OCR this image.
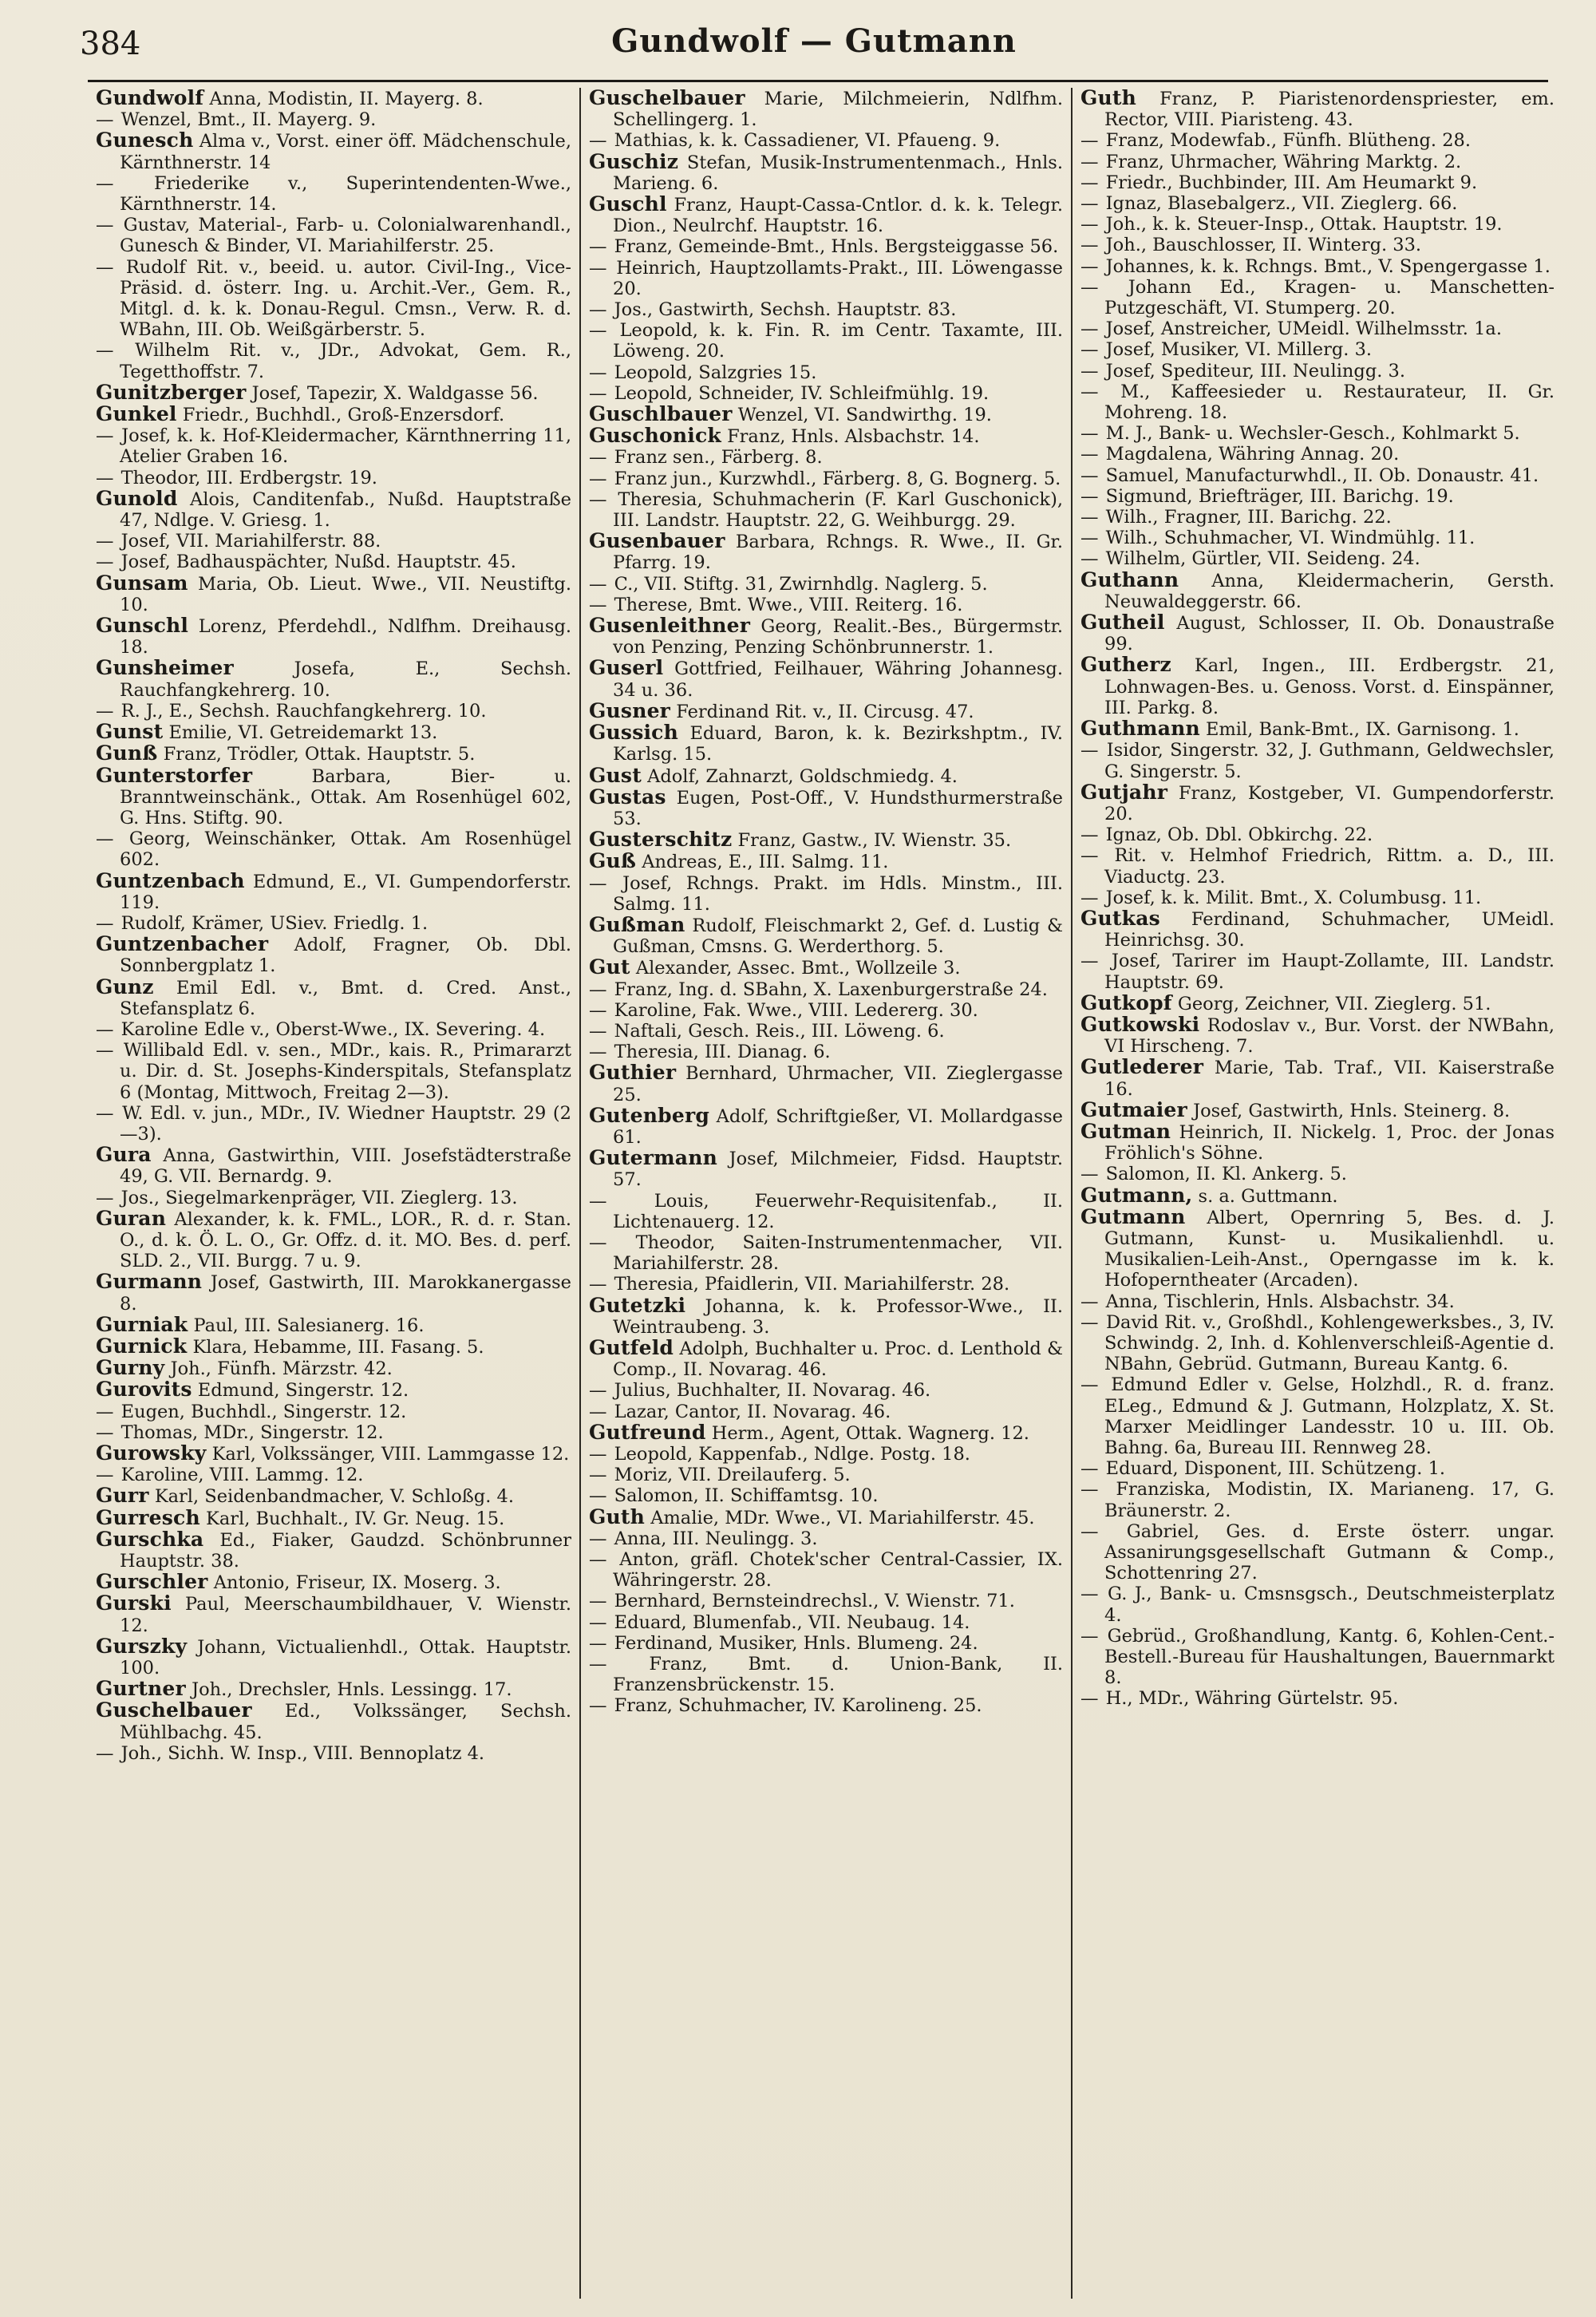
384	Gundwolf — Gutmann
Gundwolf Anna, Modistin, II. Mayerg. 8.
— Wenzel, Bmt., II. Mayerg. 9.
Gunesch Alma v., Vorst. einer öff. Mädchenschule, Kärnthnerstr. 14
— Friederike v., Superintendenten-Wwe., Kärnthnerstr. 14.
— Gustav, Material-, Farb- u. Colonialwarenhandl., Gunesch & Binder, VI. Mariahilferstr. 25.
— Rudolf Rit. v., beeid. u. autor. Civil-Ing., Vice-Präsid. d. österr. Ing. u. Archit.-Ver., Gem. R., Mitgl. d. k. k. Donau-Regul. Cmsn., Verw. R. d. WBahn, III. Ob. Weißgärberstr. 5.
— Wilhelm Rit. v., JDr., Advokat, Gem. R., Tegetthoffstr. 7.
Gunitzberger Josef, Tapezir, X. Waldgasse 56.
Gunkel Friedr., Buchhdl., Groß-Enzersdorf.
— Josef, k. k. Hof-Kleidermacher, Kärnthnerring 11, Atelier Graben 16.
— Theodor, III. Erdbergstr. 19.
Gunold Alois, Canditenfab., Nußd. Hauptstraße 47, Ndlge. V. Griesg. 1.
— Josef, VII. Mariahilferstr. 88.
— Josef, Badhauspächter, Nußd. Hauptstr. 45.
Gunsam Maria, Ob. Lieut. Wwe., VII. Neustiftg. 10.
Gunschl Lorenz, Pferdehdl., Ndlfhm. Dreihausg. 18.
Gunsheimer	Josefa, E., Sechsh. Rauchfangkehrerg. 10.
— R. J., E., Sechsh. Rauchfangkehrerg. 10.
Gunst Emilie, VI. Getreidemarkt 13.
Gunß Franz, Trödler, Ottak. Hauptstr. 5.
Gunterstorfer	Barbara, Bier- u. Branntweinschänk., Ottak. Am Rosenhügel 602, G. Hns. Stiftg. 90.
— Georg, Weinschänker, Ottak. Am Rosenhügel 602.
Guntzenbach Edmund, E., VI. Gumpendorferstr. 119.
— Rudolf, Krämer, USiev. Friedlg. 1.
Guntzenbacher Adolf, Fragner, Ob. Dbl. Sonnbergplatz 1.
Gunz Emil Edl. v., Bmt. d. Cred. Anst., Stefansplatz 6.
— Karoline Edle v., Oberst-Wwe., IX. Severing. 4.
— Willibald Edl. v. sen., MDr., kais. R., Primararzt u. Dir. d. St. Josephs-Kinderspitals, Stefansplatz 6 (Montag, Mittwoch, Freitag 2—3).
— W. Edl. v. jun., MDr., IV. Wiedner Hauptstr. 29 (2—3).
Gura Anna, Gastwirthin, VIII. Josefstädterstraße 49, G. VII. Bernardg. 9.
— Jos., Siegelmarkenpräger, VII. Zieglerg. 13.
Guran Alexander, k. k. FML., LOR., R. d. r. Stan. O., d. k. Ö. L. O., Gr. Offz. d. it. MO. Bes. d. perf. SLD. 2., VII. Burgg. 7 u. 9.
Gurmann Josef, Gastwirth, III. Marokkanergasse 8.
Gurniak Paul, III. Salesianerg. 16.
Gurnick Klara, Hebamme, III. Fasang. 5.
Gurny Joh., Fünfh. Märzstr. 42.
Gurovits Edmund, Singerstr. 12.
— Eugen, Buchhdl., Singerstr. 12.
— Thomas, MDr., Singerstr. 12.
Gurowsky Karl, Volkssänger, VIII. Lammgasse 12.
— Karoline, VIII. Lammg. 12.
Gurr Karl, Seidenbandmacher, V. Schloßg. 4.
Gurresch Karl, Buchhalt., IV. Gr. Neug. 15.
Gurschka Ed., Fiaker, Gaudzd. Schönbrunner Hauptstr. 38.
Gurschler Antonio, Friseur, IX. Moserg. 3.
Gurski Paul, Meerschaumbildhauer, V. Wienstr. 12.
Gurszky Johann, Victualienhdl., Ottak. Hauptstr. 100.
Gurtner Joh., Drechsler, Hnls. Lessingg. 17.
Guschelbauer Ed., Volkssänger, Sechsh. Mühlbachg. 45.
— Joh., Sichh. W. Insp., VIII. Bennoplatz 4.
Guschelbauer Marie, Milchmeierin, Ndlfhm. Schellingerg. 1.
— Mathias, k. k. Cassadiener, VI. Pfaueng. 9.
Guschiz Stefan, Musik-Instrumentenmach., Hnls. Marieng. 6.
Guschl Franz, Haupt-Cassa-Cntlor. d. k. k. Telegr. Dion., Neulrchf. Hauptstr. 16.
— Franz, Gemeinde-Bmt., Hnls. Bergsteiggasse 56.
— Heinrich, Hauptzollamts-Prakt., III. Löwengasse 20.
— Jos., Gastwirth, Sechsh. Hauptstr. 83.
— Leopold, k. k. Fin. R. im Centr. Taxamte, III. Löweng. 20.
— Leopold, Salzgries 15.
— Leopold, Schneider, IV. Schleifmühlg. 19.
Guschlbauer Wenzel, VI. Sandwirthg. 19.
Guschonick Franz, Hnls. Alsbachstr. 14.
— Franz sen., Färberg. 8.
— Franz jun., Kurzwhdl., Färberg. 8, G. Bognerg. 5.
— Theresia, Schuhmacherin (F. Karl Guschonick), III. Landstr. Hauptstr. 22, G. Weihburgg. 29.
Gusenbauer Barbara, Rchngs. R. Wwe., II. Gr. Pfarrg. 19.
— C., VII. Stiftg. 31, Zwirnhdlg. Naglerg. 5.
— Therese, Bmt. Wwe., VIII. Reiterg. 16.
Gusenleithner Georg, Realit.-Bes., Bürgermstr. von Penzing, Penzing Schönbrunnerstr. 1.
Guserl Gottfried, Feilhauer, Währing Johannesg. 34 u. 36.
Gusner Ferdinand Rit. v., II. Circusg. 47.
Gussich Eduard, Baron, k. k. Bezirkshptm., IV. Karlsg. 15.
Gust Adolf, Zahnarzt, Goldschmiedg. 4.
Gustas Eugen, Post-Off., V. Hundsthurmerstraße 53.
Gusterschitz Franz, Gastw., IV. Wienstr. 35.
Guß Andreas, E., III. Salmg. 11.
— Josef, Rchngs. Prakt. im Hdls. Minstm., III. Salmg. 11.
Gußman Rudolf, Fleischmarkt 2, Gef. d. Lustig & Gußman, Cmsns. G. Werderthorg. 5.
Gut Alexander, Assec. Bmt., Wollzeile 3.
— Franz, Ing. d. SBahn, X. Laxenburgerstraße 24.
— Karoline, Fak. Wwe., VIII. Ledererg. 30.
— Naftali, Gesch. Reis., III. Löweng. 6.
— Theresia, III. Dianag. 6.
Guthier Bernhard, Uhrmacher, VII. Zieglergasse 25.
Gutenberg Adolf, Schriftgießer, VI. Mollardgasse 61.
Gutermann Josef, Milchmeier, Fidsd. Hauptstr. 57.
— Louis, Feuerwehr-Requisitenfab., II. Lichtenauerg. 12.
— Theodor, Saiten-Instrumentenmacher, VII. Mariahilferstr. 28.
— Theresia, Pfaidlerin, VII. Mariahilferstr. 28.
Gutetzki Johanna, k. k. Professor-Wwe., II. Weintraubeng. 3.
Gutfeld Adolph, Buchhalter u. Proc. d. Lenthold & Comp., II. Novarag. 46.
— Julius, Buchhalter, II. Novarag. 46.
— Lazar, Cantor, II. Novarag. 46.
Gutfreund Herm., Agent, Ottak. Wagnerg. 12.
— Leopold, Kappenfab., Ndlge. Postg. 18.
— Moriz, VII. Dreilauferg. 5.
— Salomon, II. Schiffamtsg. 10.
Guth Amalie, MDr. Wwe., VI. Mariahilferstr. 45.
— Anna, III. Neulingg. 3.
— Anton, gräfl. Chotek'scher Central-Cassier, IX. Währingerstr. 28.
— Bernhard, Bernsteindrechsl., V. Wienstr. 71.
— Eduard, Blumenfab., VII. Neubaug. 14.
— Ferdinand, Musiker, Hnls. Blumeng. 24.
— Franz, Bmt. d. Union-Bank, II. Franzensbrückenstr. 15.
— Franz, Schuhmacher, IV. Karolineng. 25.
Guth Franz, P. Piaristenordenspriester, em. Rector, VIII. Piaristeng. 43.
— Franz, Modewfab., Fünfh. Blütheng. 28.
— Franz, Uhrmacher, Währing Marktg. 2.
— Friedr., Buchbinder, III. Am Heumarkt 9.
— Ignaz, Blasebalgerz., VII. Zieglerg. 66.
— Joh., k. k. Steuer-Insp., Ottak. Hauptstr. 19.
— Joh., Bauschlosser, II. Winterg. 33.
— Johannes, k. k. Rchngs. Bmt., V. Spengergasse 1.
— Johann Ed., Kragen- u. Manschetten-Putzgeschäft, VI. Stumperg. 20.
— Josef, Anstreicher, UMeidl. Wilhelmsstr. 1a.
— Josef, Musiker, VI. Millerg. 3.
— Josef, Spediteur, III. Neulingg. 3.
— M., Kaffeesieder u. Restaurateur, II. Gr. Mohreng. 18.
— M. J., Bank- u. Wechsler-Gesch., Kohlmarkt 5.
— Magdalena, Währing Annag. 20.
— Samuel, Manufacturwhdl., II. Ob. Donaustr. 41.
— Sigmund, Briefträger, III. Barichg. 19.
— Wilh., Fragner, III. Barichg. 22.
— Wilh., Schuhmacher, VI. Windmühlg. 11.
— Wilhelm, Gürtler, VII. Seideng. 24.
Guthann Anna, Kleidermacherin, Gersth. Neuwaldeggerstr. 66.
Gutheil August, Schlosser, II. Ob. Donaustraße 99.
Gutherz Karl, Ingen., III. Erdbergstr. 21, Lohnwagen-Bes. u. Genoss. Vorst. d. Einspänner, III. Parkg. 8.
Guthmann Emil, Bank-Bmt., IX. Garnisong. 1.
— Isidor, Singerstr. 32, J. Guthmann, Geldwechsler, G. Singerstr. 5.
Gutjahr Franz, Kostgeber, VI. Gumpendorferstr. 20.
— Ignaz, Ob. Dbl. Obkirchg. 22.
— Rit. v. Helmhof Friedrich, Rittm. a. D., III. Viaductg. 23.
— Josef, k. k. Milit. Bmt., X. Columbusg. 11.
Gutkas Ferdinand, Schuhmacher, UMeidl. Heinrichsg. 30.
— Josef, Tarirer im Haupt-Zollamte, III. Landstr. Hauptstr. 69.
Gutkopf Georg, Zeichner, VII. Zieglerg. 51.
Gutkowski Rodoslav v., Bur. Vorst. der NWBahn, VI Hirscheng. 7.
Gutlederer Marie, Tab. Traf., VII. Kaiserstraße 16.
Gutmaier Josef, Gastwirth, Hnls. Steinerg. 8.
Gutman Heinrich, II. Nickelg. 1, Proc. der Jonas Fröhlich's Söhne.
— Salomon, II. Kl. Ankerg. 5.
Gutmann, s. a. Guttmann.
Gutmann Albert, Opernring 5, Bes. d. J. Gutmann, Kunst- u. Musikalienhdl. u. Musikalien-Leih-Anst., Operngasse im k. k. Hofoperntheater (Arcaden).
— Anna, Tischlerin, Hnls. Alsbachstr. 34.
— David Rit. v., Großhdl., Kohlengewerksbes., 3, IV. Schwindg. 2, Inh. d. Kohlenverschleiß-Agentie d. NBahn, Gebrüd. Gutmann, Bureau Kantg. 6.
— Edmund Edler v. Gelse, Holzhdl., R. d. franz. ELeg., Edmund & J. Gutmann, Holzplatz, X. St. Marxer Meidlinger Landesstr. 10 u. III. Ob. Bahng. 6a, Bureau III. Rennweg 28.
— Eduard, Disponent, III. Schützeng. 1.
— Franziska, Modistin, IX. Marianeng. 17, G. Bräunerstr. 2.
— Gabriel, Ges. d. Erste österr. ungar. Assanirungsgesellschaft Gutmann & Comp., Schottenring 27.
— G. J., Bank- u. Cmsnsgsch., Deutschmeisterplatz 4.
— Gebrüd., Großhandlung, Kantg. 6, Kohlen-Cent.-Bestell.-Bureau für Haushaltungen, Bauernmarkt 8.
— H., MDr., Währing Gürtelstr. 95.
